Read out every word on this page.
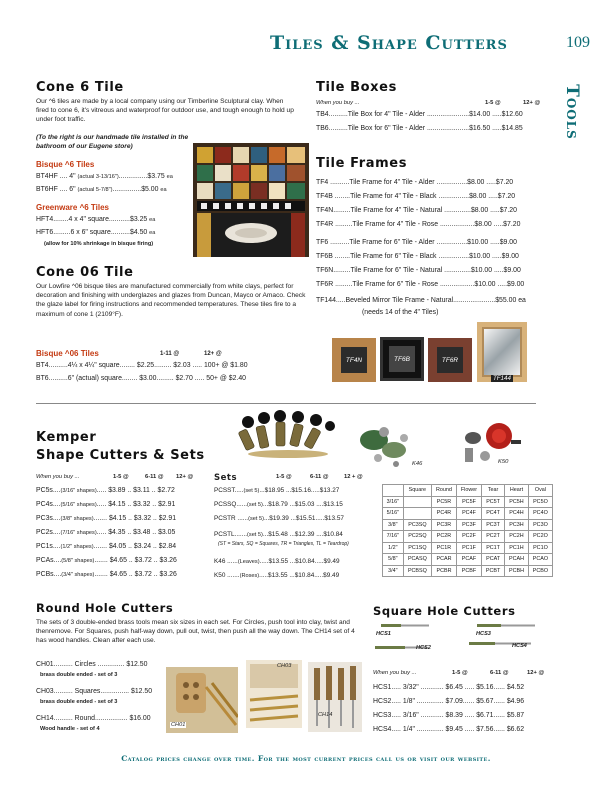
Tiles & Shape Cutters	109
Tools
Cone 6 Tile
Our ^6 tiles are made by a local company using our Timberline Sculptural clay. When fired to cone 6, it's vitreous and waterproof for outdoor use, and tough enough to hold up under foot traffic.
(To the right is our handmade tile installed in the bathroom of our Eugene store)
Bisque ^6 Tiles
BT4HF .... 4" (actual 3-13/16")...............$3.75 ea
BT6HF .... 6" (actual 5-7/8")...............$5.00 ea
Greenware ^6 Tiles
HFT4........4 x 4" square...........$3.25 ea
HFT6.........6 x 6" square..........$4.50 ea
(allow for 10% shrinkage in bisque firing)
Cone 06 Tile
Our Lowfire ^06 bisque tiles are manufactured commercially from white clays, perfect for decoration and finishing with underglazes and glazes from Duncan, Mayco or Amaco. Check the glaze label for firing instructions and recommended temperatures. These tiles fire to a maximum of cone 1 (2109°F).
Bisque ^06 Tiles	1-11 @	12+ @
BT4..........4¼ x 4¼" square........ $2.25......... $2.03 ..... 100+ @ $1.80
BT6..........6" (actual) square........ $3.00......... $2.70 ..... 50+ @ $2.40
Tile Boxes
When you buy ...	1-5 @	12+ @
TB4..........Tile Box for 4" Tile - Alder ......................$14.00 .....$12.60
TB6..........Tile Box for 6" Tile - Alder ......................$16.50 .....$14.85
Tile Frames
TF4 ..........Tile Frame for 4" Tile - Alder ................$8.00 .....$7.20
TF4B ........Tile Frame for 4" Tile - Black ................$8.00 .....$7.20
TF4N.........Tile Frame for 4" Tile - Natural ..............$8.00 .....$7.20
TF4R .........Tile Frame for 4" Tile - Rose ..................$8.00 .....$7.20
TF6 ..........Tile Frame for 6" Tile - Alder ................$10.00 .....$9.00
TF6B ........Tile Frame for 6" Tile - Black ................$10.00 .....$9.00
TF6N.........Tile Frame for 6" Tile - Natural ..............$10.00 .....$9.00
TF6R .........Tile Frame for 6" Tile - Rose ..................$10.00 .....$9.00
TF144.....Beveled Mirror Tile Frame - Natural......................$55.00 ea
(needs 14 of the 4" Tiles)
TF4N	TF6B	TF6R
TF144
Kemper
Shape Cutters & Sets
When you buy ...	1-5 @	6-11 @ 12+ @
PC5s....(3/16" shapes)..... $3.89 .. $3.11 .. $2.72
PC4s....(5/16" shapes)..... $4.15 .. $3.32 .. $2.91
PC3s....(3/8" shapes)....... $4.15 .. $3.32 .. $2.91
PC2s....(7/16" shapes)..... $4.35 .. $3.48 .. $3.05
PC1s....(1/2" shapes)....... $4.05 .. $3.24 .. $2.84
PCAs....(5/8" shapes)....... $4.65 .. $3.72 .. $3.26
PCBs....(3/4" shapes)....... $4.65 .. $3.72 .. $3.26
Sets	1-5 @	6-11 @	12 + @
PCSST.....(set 5)...$18.95 ...$15.16.....$13.27
PCSSQ......(set 5)...$18.79 ...$15.03 ....$13.15
PCSTR ......(set 5)...$19.39 ...$15.51.....$13.57
PCSTL.......(set 5)...$15.48 ...$12.39 ....$10.84
(ST = Stars, SQ = Squares, TR = Triangles, TL = Teardrop)
K46 ......(Leaves).....$13.55 ...$10.84.....$9.49
K50 .......(Roses).....$13.55 ...$10.84.....$9.49
K46	K50
	Square	Round	Flower	Tear	Heart	Oval
3/16"		PC5R	PC5F	PC5T	PC5H	PC5O
5/16"		PC4R	PC4F	PC4T	PC4H	PC4O
3/8"	PC3SQ	PC3R	PC3F	PC3T	PC3H	PC3O
7/16"	PC2SQ	PC2R	PC2F	PC2T	PC2H	PC2O
1/2"	PC1SQ	PC1R	PC1F	PC1T	PC1H	PC1O
5/8"	PCASQ	PCAR	PCAF	PCAT	PCAH	PCAO
3/4"	PCBSQ	PCBR	PCBF	PCBT	PCBH	PCBO
Round Hole Cutters
The sets of 3 double-ended brass tools mean six sizes in each set. For Circles, push tool into clay, twist and thenremove. For Squares, push half-way down, pull out, twist, then push all the way down. The CH14 set of 4 has wood handles. Clean after each use.
CH01.......... Circles .............. $12.50
brass double ended - set of 3
CH03.......... Squares............... $12.50
brass double ended - set of 3
CH14.......... Round................. $16.00
Wood handle - set of 4
CH01
CH03
CH14
Square Hole Cutters
HCS1	HCS3
HCS2	HCS4
When you buy ...	1-5 @	6-11 @	12+ @
HCS1..... 3/32" ............ $6.45 ..... $5.16...... $4.52
HCS2..... 1/8" .............. $7.09...... $5.67...... $4.96
HCS3..... 3/16" ............ $8.39 ..... $6.71...... $5.87
HCS4..... 1/4" .............. $9.45 ..... $7.56...... $6.62
Catalog prices change over time. For the most current prices call us or visit our website.
